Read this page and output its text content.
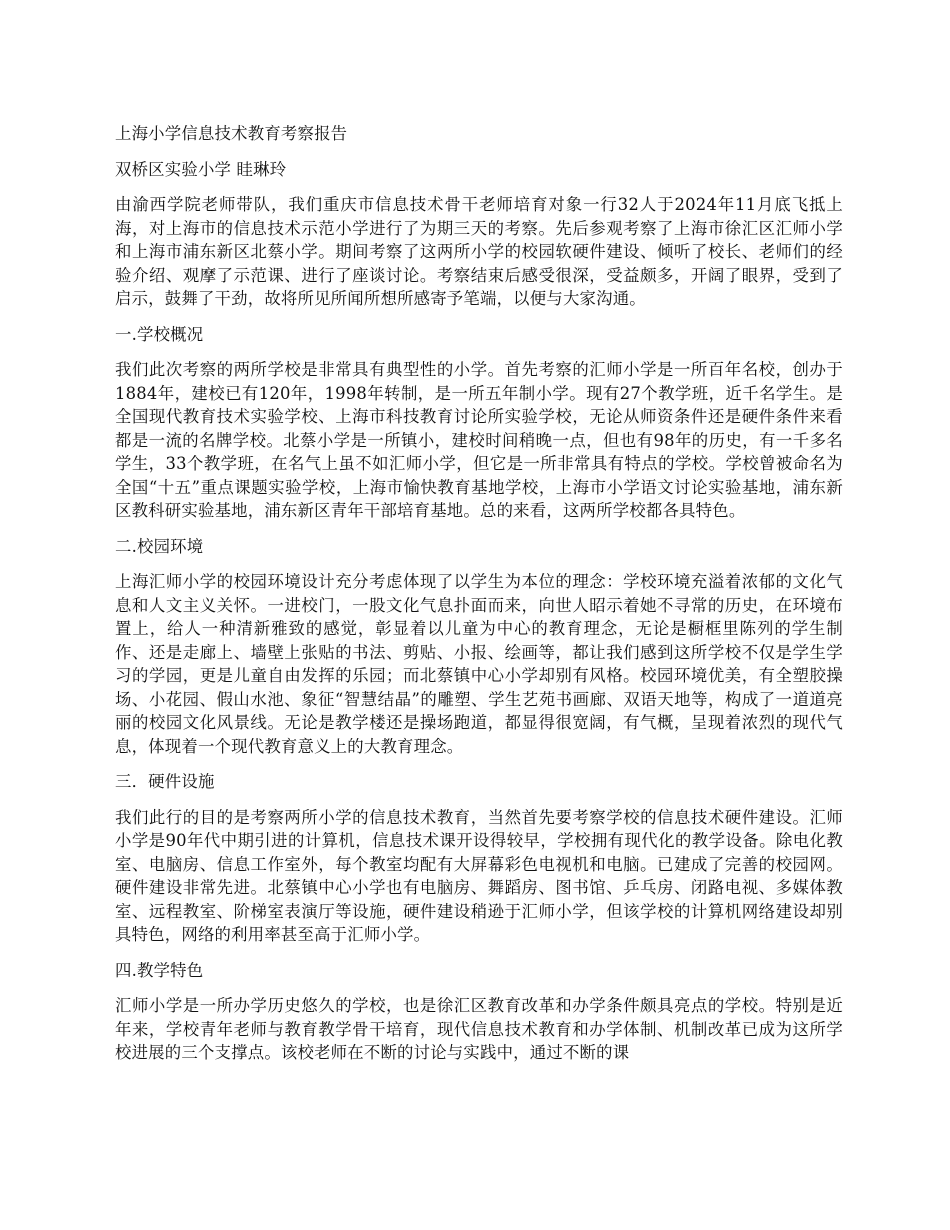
上海小学信息技术教育考察报告
双桥区实验小学 眭琳玲
由渝西学院老师带队，我们重庆市信息技术骨干老师培育对象一行32人于2024年11月底飞抵上海，对上海市的信息技术示范小学进行了为期三天的考察。先后参观考察了上海市徐汇区汇师小学和上海市浦东新区北蔡小学。期间考察了这两所小学的校园软硬件建设、倾听了校长、老师们的经验介绍、观摩了示范课、进行了座谈讨论。考察结束后感受很深，受益颇多，开阔了眼界，受到了启示，鼓舞了干劲，故将所见所闻所想所感寄予笔端，以便与大家沟通。
一.学校概况
我们此次考察的两所学校是非常具有典型性的小学。首先考察的汇师小学是一所百年名校，创办于1884年，建校已有120年，1998年转制，是一所五年制小学。现有27个教学班，近千名学生。是全国现代教育技术实验学校、上海市科技教育讨论所实验学校，无论从师资条件还是硬件条件来看都是一流的名牌学校。北蔡小学是一所镇小，建校时间稍晚一点，但也有98年的历史，有一千多名学生，33个教学班，在名气上虽不如汇师小学，但它是一所非常具有特点的学校。学校曾被命名为全国“十五”重点课题实验学校，上海市愉快教育基地学校，上海市小学语文讨论实验基地，浦东新区教科研实验基地，浦东新区青年干部培育基地。总的来看，这两所学校都各具特色。
二.校园环境
上海汇师小学的校园环境设计充分考虑体现了以学生为本位的理念：学校环境充溢着浓郁的文化气息和人文主义关怀。一进校门，一股文化气息扑面而来，向世人昭示着她不寻常的历史，在环境布置上，给人一种清新雅致的感觉，彰显着以儿童为中心的教育理念，无论是橱框里陈列的学生制作、还是走廊上、墙壁上张贴的书法、剪贴、小报、绘画等，都让我们感到这所学校不仅是学生学习的学园，更是儿童自由发挥的乐园；而北蔡镇中心小学却别有风格。校园环境优美，有全塑胶操场、小花园、假山水池、象征“智慧结晶”的雕塑、学生艺苑书画廊、双语天地等，构成了一道道亮丽的校园文化风景线。无论是教学楼还是操场跑道，都显得很宽阔，有气概，呈现着浓烈的现代气息，体现着一个现代教育意义上的大教育理念。
三．硬件设施
我们此行的目的是考察两所小学的信息技术教育，当然首先要考察学校的信息技术硬件建设。汇师小学是90年代中期引进的计算机，信息技术课开设得较早，学校拥有现代化的教学设备。除电化教室、电脑房、信息工作室外，每个教室均配有大屏幕彩色电视机和电脑。已建成了完善的校园网。硬件建设非常先进。北蔡镇中心小学也有电脑房、舞蹈房、图书馆、乒乓房、闭路电视、多媒体教室、远程教室、阶梯室表演厅等设施，硬件建设稍逊于汇师小学，但该学校的计算机网络建设却别具特色，网络的利用率甚至高于汇师小学。
四.教学特色
汇师小学是一所办学历史悠久的学校，也是徐汇区教育改革和办学条件颇具亮点的学校。特别是近年来，学校青年老师与教育教学骨干培育，现代信息技术教育和办学体制、机制改革已成为这所学校进展的三个支撑点。该校老师在不断的讨论与实践中，通过不断的课
